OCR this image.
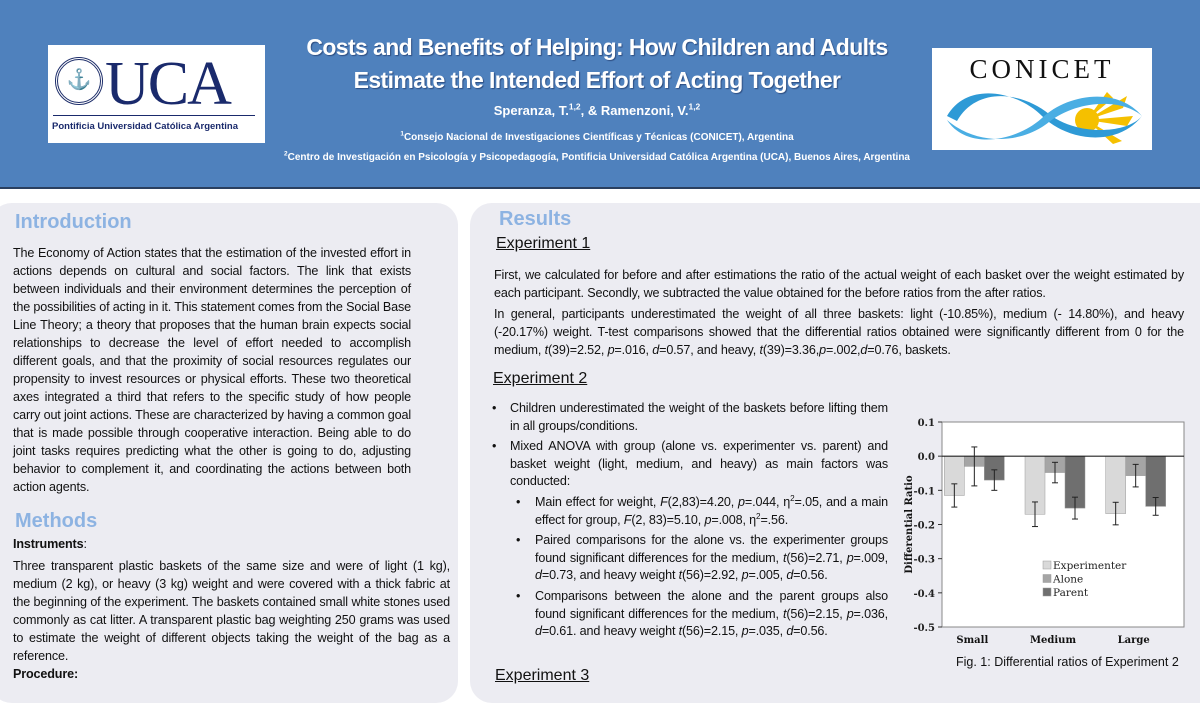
⚓ UCA
Pontificia Universidad Católica Argentina
Costs and Benefits of Helping: How Children and Adults
Estimate the Intended Effort of Acting Together
Speranza, T.$^{1,2}$, & Ramenzoni, V.$^{1,2}$
$^1$Consejo Nacional de Investigaciones Científicas y Técnicas (CONICET), Argentina
$^2$Centro de Investigación en Psicología y Psicopedagogía, Pontificia Universidad Católica Argentina (UCA), Buenos Aires, Argentina
CONICET
Introduction
The Economy of Action states that the estimation of the invested effort in actions depends on cultural and social factors. The link that exists between individuals and their environment determines the perception of the possibilities of acting in it. This statement comes from the Social Base Line Theory; a theory that proposes that the human brain expects social relationships to decrease the level of effort needed to accomplish different goals, and that the proximity of social resources regulates our propensity to invest resources or physical efforts. These two theoretical axes integrated a third that refers to the specific study of how people carry out joint actions. These are characterized by having a common goal that is made possible through cooperative interaction. Being able to do joint tasks requires predicting what the other is going to do, adjusting behavior to complement it, and coordinating the actions between both action agents.
Methods
Instruments:
Three transparent plastic baskets of the same size and were of light (1 kg), medium (2 kg), or heavy (3 kg) weight and were covered with a thick fabric at the beginning of the experiment. The baskets contained small white stones used commonly as cat litter. A transparent plastic bag weighting 250 grams was used to estimate the weight of different objects taking the weight of the bag as a reference.
Procedure:
Results
Experiment 1
First, we calculated for before and after estimations the ratio of the actual weight of each basket over the weight estimated by each participant. Secondly, we subtracted the value obtained for the before ratios from the after ratios.
In general, participants underestimated the weight of all three baskets: light (-10.85%), medium (- 14.80%), and heavy (-20.17%) weight. T-test comparisons showed that the differential ratios obtained were significantly different from 0 for the medium, t(39)=2.52, p=.016, d=0.57, and heavy, t(39)=3.36,p=.002,d=0.76, baskets.
Experiment 2
• Children underestimated the weight of the baskets before lifting them in all groups/conditions.
• Mixed ANOVA with group (alone vs. experimenter vs. parent) and basket weight (light, medium, and heavy) as main factors was conducted:
• Main effect for weight, F(2,83)=4.20, p=.044, $\eta^2=.05$, and a main effect for group, F(2, 83)=5.10, p=.008, $\eta^2=.56$.
• Paired comparisons for the alone vs. the experimenter groups found significant differences for the medium, t(56)=2.71, p=.009, d=0.73, and heavy weight t(56)=2.92, p=.005, d=0.56.
• Comparisons between the alone and the parent groups also found significant differences for the medium, t(56)=2.15, p=.036, d=0.61. and heavy weight t(56)=2.15, p=.035, d=0.56.
Experiment 3
0.1
0.0
-0.1
-0.2
-0.3
-0.4
-0.5
Small	Medium	Large
Differential Ratio	Experimenter
Alone
Parent
Fig. 1: Differential ratios of Experiment 2
